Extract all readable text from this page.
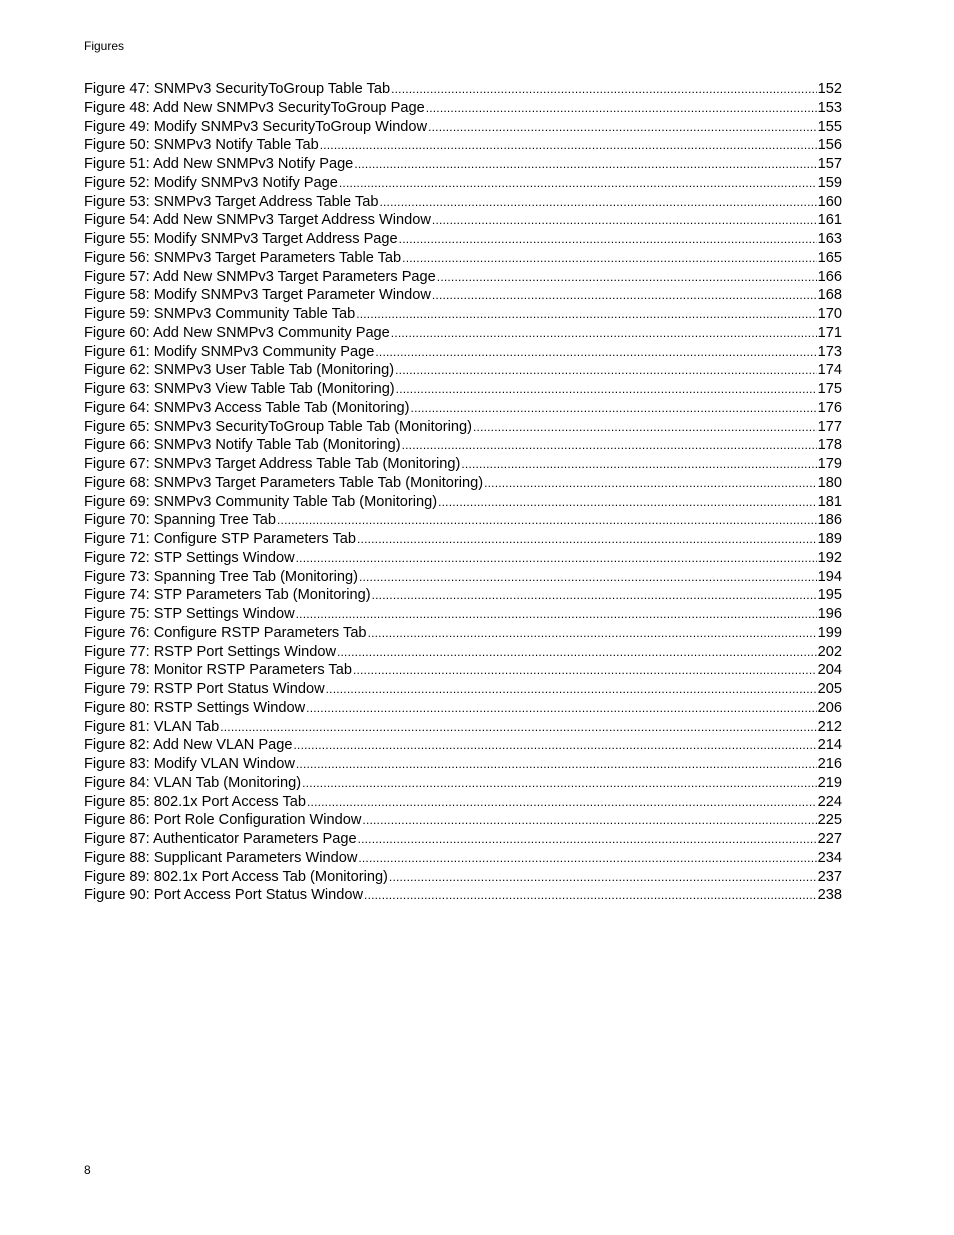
Figures
Figure 47: SNMPv3 SecurityToGroup Table Tab .....	152
Figure 48: Add New SNMPv3 SecurityToGroup Page .....	153
Figure 49: Modify SNMPv3 SecurityToGroup Window .....	155
Figure 50: SNMPv3 Notify Table Tab .....	156
Figure 51: Add New SNMPv3 Notify Page .....	157
Figure 52: Modify SNMPv3 Notify Page .....	159
Figure 53: SNMPv3 Target Address Table Tab .....	160
Figure 54: Add New SNMPv3 Target Address Window .....	161
Figure 55: Modify SNMPv3 Target Address Page .....	163
Figure 56: SNMPv3 Target Parameters Table Tab .....	165
Figure 57: Add New SNMPv3 Target Parameters Page .....	166
Figure 58: Modify SNMPv3 Target Parameter Window .....	168
Figure 59: SNMPv3 Community Table Tab .....	170
Figure 60: Add New SNMPv3 Community Page .....	171
Figure 61: Modify SNMPv3 Community Page .....	173
Figure 62: SNMPv3 User Table Tab (Monitoring) .....	174
Figure 63: SNMPv3 View Table Tab (Monitoring) .....	175
Figure 64: SNMPv3 Access Table Tab (Monitoring) .....	176
Figure 65: SNMPv3 SecurityToGroup Table Tab (Monitoring) .....	177
Figure 66: SNMPv3 Notify Table Tab (Monitoring) .....	178
Figure 67: SNMPv3 Target Address Table Tab (Monitoring) .....	179
Figure 68: SNMPv3 Target Parameters Table Tab (Monitoring) .....	180
Figure 69: SNMPv3 Community Table Tab (Monitoring) .....	181
Figure 70: Spanning Tree Tab .....	186
Figure 71: Configure STP Parameters Tab .....	189
Figure 72: STP Settings Window .....	192
Figure 73: Spanning Tree Tab (Monitoring) .....	194
Figure 74: STP Parameters Tab (Monitoring) .....	195
Figure 75: STP Settings Window .....	196
Figure 76: Configure RSTP Parameters Tab .....	199
Figure 77: RSTP Port Settings Window .....	202
Figure 78: Monitor RSTP Parameters Tab .....	204
Figure 79: RSTP Port Status Window .....	205
Figure 80: RSTP Settings Window .....	206
Figure 81: VLAN Tab .....	212
Figure 82: Add New VLAN Page .....	214
Figure 83: Modify VLAN Window .....	216
Figure 84: VLAN Tab (Monitoring) .....	219
Figure 85: 802.1x Port Access Tab .....	224
Figure 86: Port Role Configuration Window .....	225
Figure 87: Authenticator Parameters Page .....	227
Figure 88: Supplicant Parameters Window .....	234
Figure 89: 802.1x Port Access Tab (Monitoring) .....	237
Figure 90: Port Access Port Status Window .....	238
8
